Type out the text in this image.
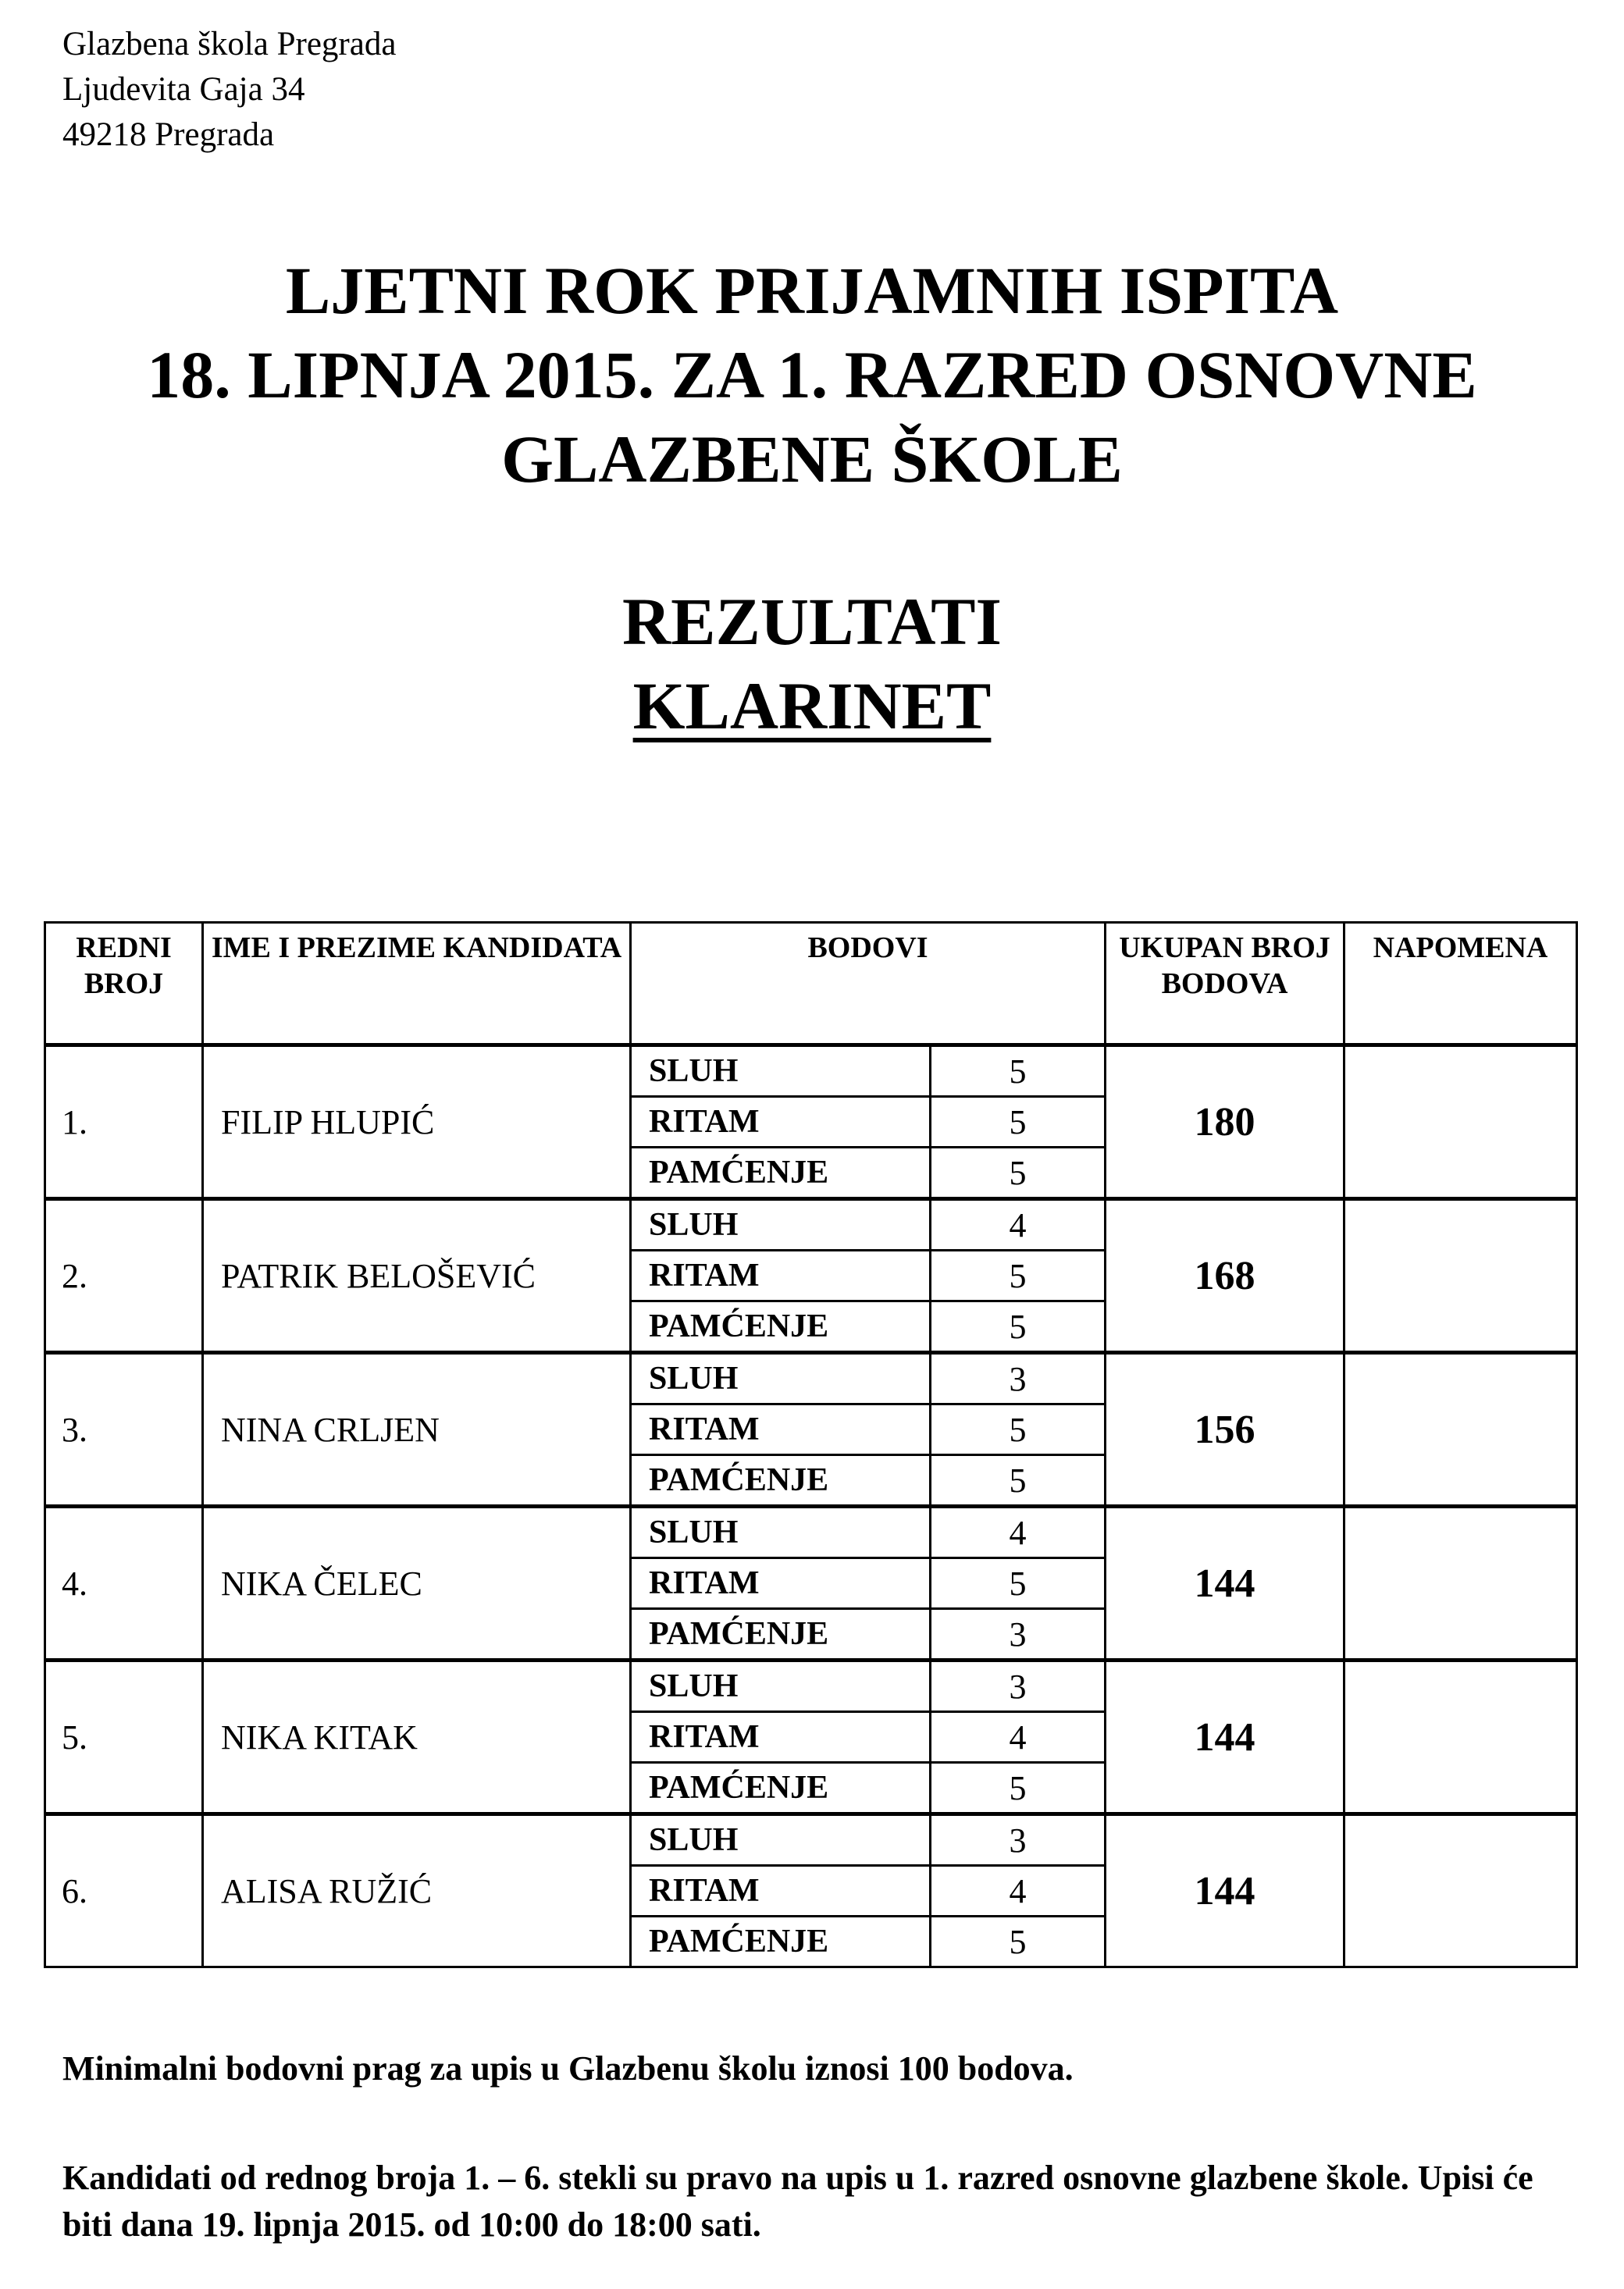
Glazbena škola Pregrada
Ljudevita Gaja 34
49218 Pregrada
LJETNI ROK PRIJAMNIH ISPITA
18. LIPNJA 2015. ZA 1. RAZRED OSNOVNE
GLAZBENE ŠKOLE
REZULTATI
KLARINET
REDNI BROJ	IME I PREZIME KANDIDATA	BODOVI		UKUPAN BROJ BODOVA	NAPOMENA
1.	FILIP HLUPIĆ	SLUH	5	180	
		RITAM	5		
		PAMĆENJE	5		
2.	PATRIK BELOŠEVIĆ	SLUH	4	168	
		RITAM	5		
		PAMĆENJE	5		
3.	NINA CRLJEN	SLUH	3	156	
		RITAM	5		
		PAMĆENJE	5		
4.	NIKA ČELEC	SLUH	4	144	
		RITAM	5		
		PAMĆENJE	3		
5.	NIKA KITAK	SLUH	3	144	
		RITAM	4		
		PAMĆENJE	5		
6.	ALISA RUŽIĆ	SLUH	3	144	
		RITAM	4		
		PAMĆENJE	5		
Minimalni bodovni prag za upis u Glazbenu školu iznosi 100 bodova.
Kandidati od rednog broja 1. – 6. stekli su pravo na upis u 1. razred osnovne glazbene škole. Upisi će biti dana 19. lipnja 2015. od 10:00 do 18:00 sati.
